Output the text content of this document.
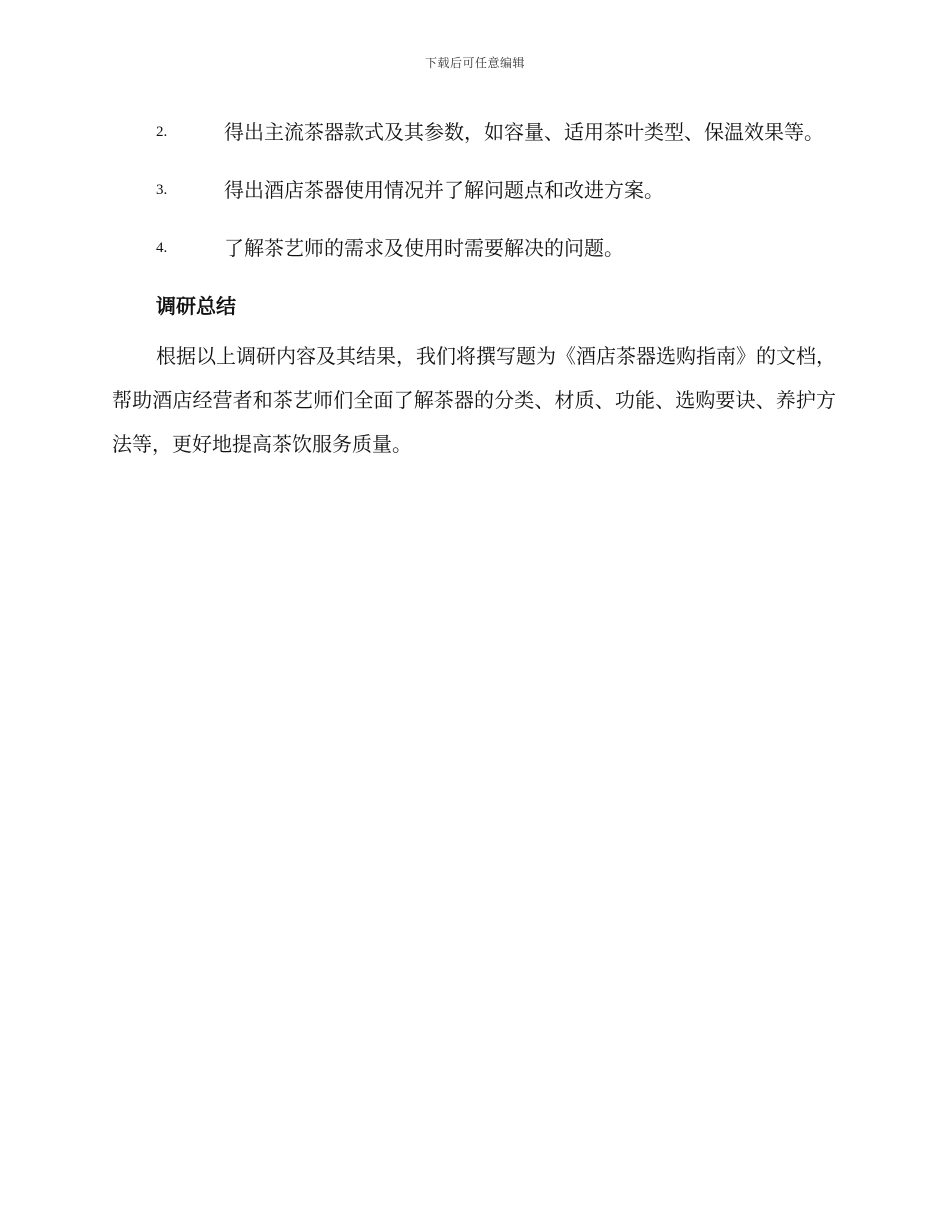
下载后可任意编辑
2.	得出主流茶器款式及其参数，如容量、适用茶叶类型、保温效果等。
3.	得出酒店茶器使用情况并了解问题点和改进方案。
4.	了解茶艺师的需求及使用时需要解决的问题。
调研总结

根据以上调研内容及其结果，我们将撰写题为《酒店茶器选购指南》的文档，帮助酒店经营者和茶艺师们全面了解茶器的分类、材质、功能、选购要诀、养护方法等，更好地提高茶饮服务质量。
